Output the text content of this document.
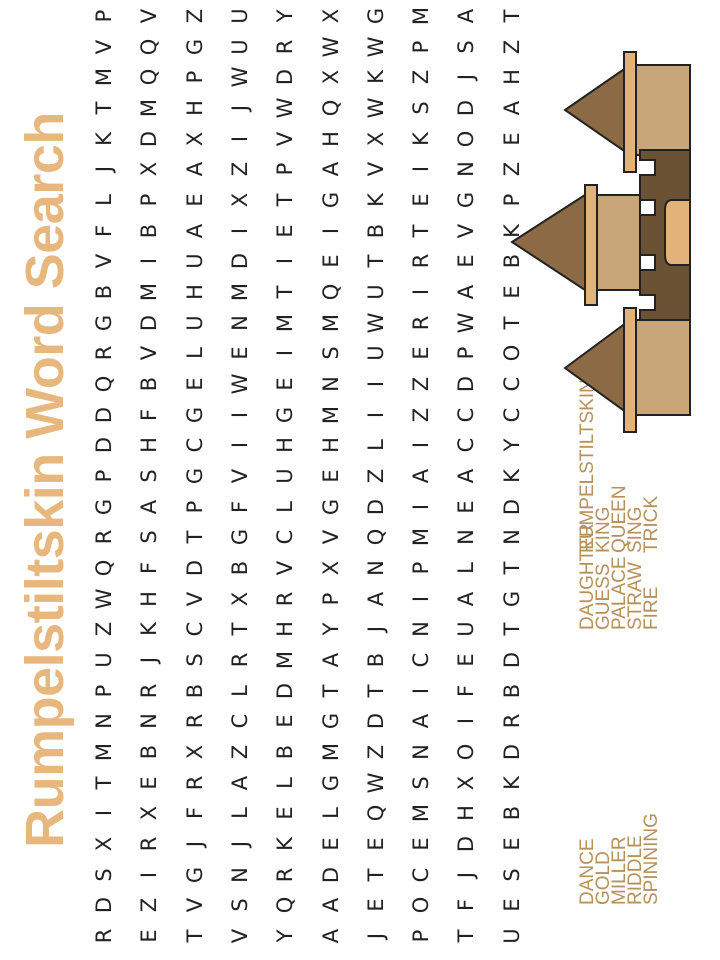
Rumpelstiltskin Word Search
R E T V Y A J P T U
D Z V S Q A E O F E
S I G N R D T C J S
X R J J K E E E D E
I X F L E L Q M H B
T E R A L G W S X K
M B X Z B M Z N O D
N N R C E G D A I R
P R B L D T T I F B
U J S R M A B C E D
Z K C T H Y J N U T
W H V X R P A I A G
Q F D B V X N P L T
R S T G C V Q M N N
G A P F L G D I E D
P S G V U E Z A A K
D H C I H H L I C Y
D F G I G M I Z C C
Q B E W E N I Z D C
R V L E I S U E P O
G D U N M M W R W T
B M H M T Q U I A E
V I U D I E T R E B
F B A I E I B T V K
L P E X T G K E G P
J X A Z P A V I N Z
K D X I V H X K O E
T M H J W Q W S D A
M Q P W D X K Z J H
V Q G U R W W P S Z
P V Z U Y X G M A T
DANCE
GOLD
MILLER
RIDDLE
SPINNING
DAUGHTER
GUESS
PALACE
STRAW
FIRE
RUMPELSTILTSKIN
KING
QUEEN
SING
TRICK
